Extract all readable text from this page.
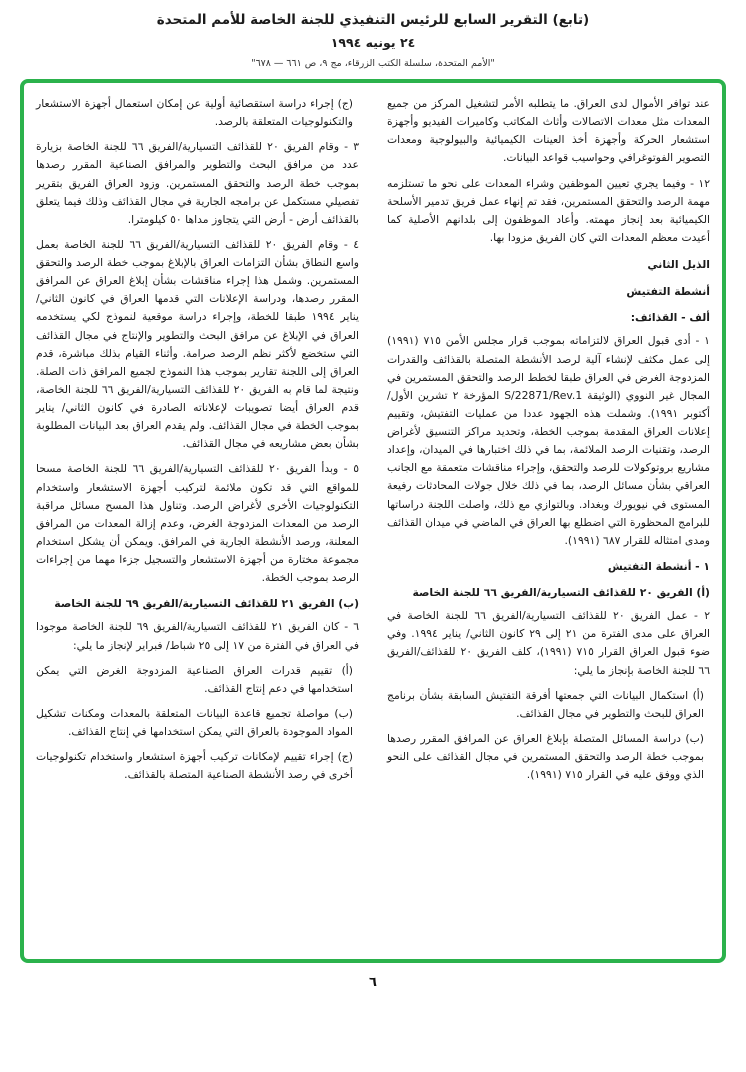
(تابع) التقرير السابع للرئيس التنفيذي للجنة الخاصة للأمم المتحدة
٢٤ يونيه ١٩٩٤
"الأمم المتحدة، سلسلة الكتب الزرقاء، مج ٩، ص ٦٦١ — ٦٧٨"

عند توافر الأموال لدى العراق. ما يتطلبه الأمر لتشغيل المركز من جميع المعدات مثل معدات الاتصالات وأثاث المكاتب وكاميرات الفيديو وأجهزة استشعار الحركة وأجهزة أخذ العينات الكيميائية والبيولوجية ومعدات التصوير الفوتوغرافي وحواسيب قواعد البيانات.

١٢ - وفيما يجري تعيين الموظفين وشراء المعدات على نحو ما تستلزمه مهمة الرصد والتحقق المستمرين، فقد تم إنهاء عمل فريق تدمير الأسلحة الكيميائية بعد إنجاز مهمته. وأعاد الموظفون إلى بلدانهم الأصلية كما أعيدت معظم المعدات التي كان الفريق مزودا بها.

الذيل الثاني

أنشطة التفتيش

ألف - القذائف:

١ - أدى قبول العراق لالتزاماته بموجب قرار مجلس الأمن ٧١٥ (١٩٩١) إلى عمل مكثف لإنشاء آلية لرصد الأنشطة المتصلة بالقذائف والقدرات المزدوجة الغرض في العراق طبقا لخطط الرصد والتحقق المستمرين في المجال غير النووي (الوثيقة S/22871/Rev.1 المؤرخة ٢ تشرين الأول/ أكتوبر ١٩٩١). وشملت هذه الجهود عددا من عمليات التفتيش، وتقييم إعلانات العراق المقدمة بموجب الخطة، وتحديد مراكز التنسيق لأغراض الرصد، وتقنيات الرصد الملائمة، بما في ذلك اختبارها في الميدان، وإعداد مشاريع بروتوكولات للرصد والتحقق، وإجراء مناقشات متعمقة مع الجانب العراقي بشأن مسائل الرصد، بما في ذلك خلال جولات المحادثات رفيعة المستوى في نيويورك وبغداد. وبالتوازي مع ذلك، واصلت اللجنة دراساتها للبرامج المحظورة التي اضطلع بها العراق في الماضي في ميدان القذائف ومدى امتثاله للقرار ٦٨٧ (١٩٩١).

١ - أنشطة التفتيش

(أ) الفريق ٢٠ للقذائف التسيارية/الفريق ٦٦ للجنة الخاصة

٢ - عمل الفريق ٢٠ للقذائف التسيارية/الفريق ٦٦ للجنة الخاصة في العراق على مدى الفترة من ٢١ إلى ٢٩ كانون الثاني/ يناير ١٩٩٤. وفي ضوء قبول العراق القرار ٧١٥ (١٩٩١)، كلف الفريق ٢٠ للقذائف/الفريق ٦٦ للجنة الخاصة بإنجاز ما يلي:

(أ) استكمال البيانات التي جمعتها أفرقة التفتيش السابقة بشأن برنامج العراق للبحث والتطوير في مجال القذائف.

(ب) دراسة المسائل المتصلة بإبلاغ العراق عن المرافق المقرر رصدها بموجب خطة الرصد والتحقق المستمرين في مجال القذائف على النحو الذي ووفق عليه في القرار ٧١٥ (١٩٩١).

(ج) إجراء دراسة استقصائية أولية عن إمكان استعمال أجهزة الاستشعار والتكنولوجيات المتعلقة بالرصد.

٣ - وقام الفريق ٢٠ للقذائف التسيارية/الفريق ٦٦ للجنة الخاصة بزيارة عدد من مرافق البحث والتطوير والمرافق الصناعية المقرر رصدها بموجب خطة الرصد والتحقق المستمرين. وزود العراق الفريق بتقرير تفصيلي مستكمل عن برامجه الجارية في مجال القذائف وذلك فيما يتعلق بالقذائف أرض - أرض التي يتجاوز مداها ٥٠ كيلومترا.

٤ - وقام الفريق ٢٠ للقذائف التسيارية/الفريق ٦٦ للجنة الخاصة بعمل واسع النطاق بشأن التزامات العراق بالإبلاغ بموجب خطة الرصد والتحقق المستمرين. وشمل هذا إجراء مناقشات بشأن إبلاغ العراق عن المرافق المقرر رصدها، ودراسة الإعلانات التي قدمها العراق في كانون الثاني/ يناير ١٩٩٤ طبقا للخطة، وإجراء دراسة موقعية لنموذج لكي يستخدمه العراق في الإبلاغ عن مرافق البحث والتطوير والإنتاج في مجال القذائف التي ستخضع لأكثر نظم الرصد صرامة. وأثناء القيام بذلك مباشرة، قدم العراق إلى اللجنة تقارير بموجب هذا النموذج لجميع المرافق ذات الصلة. ونتيجة لما قام به الفريق ٢٠ للقذائف التسيارية/الفريق ٦٦ للجنة الخاصة، قدم العراق أيضا تصويبات لإعلاناته الصادرة في كانون الثاني/ يناير بموجب الخطة في مجال القذائف. ولم يقدم العراق بعد البيانات المطلوبة بشأن بعض مشاريعه في مجال القذائف.

٥ - وبدأ الفريق ٢٠ للقذائف التسيارية/الفريق ٦٦ للجنة الخاصة مسحا للمواقع التي قد تكون ملائمة لتركيب أجهزة الاستشعار واستخدام التكنولوجيات الأخرى لأغراض الرصد. وتناول هذا المسح مسائل مراقبة الرصد من المعدات المزدوجة الغرض، وعدم إزالة المعدات من المرافق المعلنة، ورصد الأنشطة الجارية في المرافق. ويمكن أن يشكل استخدام مجموعة مختارة من أجهزة الاستشعار والتسجيل جزءا مهما من إجراءات الرصد بموجب الخطة.

(ب) الفريق ٢١ للقذائف التسيارية/الفريق ٦٩ للجنة الخاصة

٦ - كان الفريق ٢١ للقذائف التسيارية/الفريق ٦٩ للجنة الخاصة موجودا في العراق في الفترة من ١٧ إلى ٢٥ شباط/ فبراير لإنجاز ما يلي:

(أ) تقييم قدرات العراق الصناعية المزدوجة الغرض التي يمكن استخدامها في دعم إنتاج القذائف.

(ب) مواصلة تجميع قاعدة البيانات المتعلقة بالمعدات ومكنات تشكيل المواد الموجودة بالعراق التي يمكن استخدامها في إنتاج القذائف.

(ج) إجراء تقييم لإمكانات تركيب أجهزة استشعار واستخدام تكنولوجيات أخرى في رصد الأنشطة الصناعية المتصلة بالقذائف.

٦
